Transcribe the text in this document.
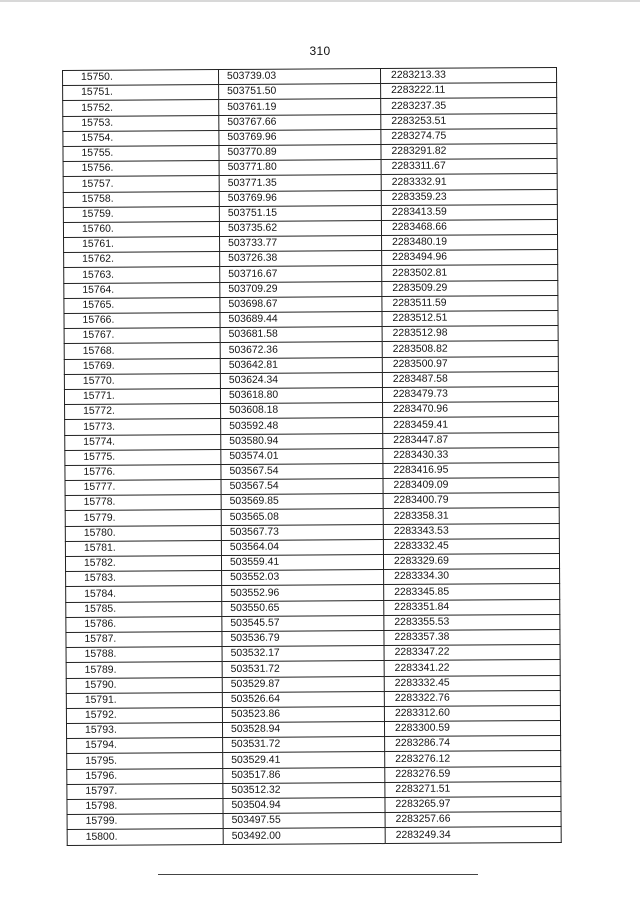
310
15750.	503739.03	2283213.33
15751.	503751.50	2283222.11
15752.	503761.19	2283237.35
15753.	503767.66	2283253.51
15754.	503769.96	2283274.75
15755.	503770.89	2283291.82
15756.	503771.80	2283311.67
15757.	503771.35	2283332.91
15758.	503769.96	2283359.23
15759.	503751.15	2283413.59
15760.	503735.62	2283468.66
15761.	503733.77	2283480.19
15762.	503726.38	2283494.96
15763.	503716.67	2283502.81
15764.	503709.29	2283509.29
15765.	503698.67	2283511.59
15766.	503689.44	2283512.51
15767.	503681.58	2283512.98
15768.	503672.36	2283508.82
15769.	503642.81	2283500.97
15770.	503624.34	2283487.58
15771.	503618.80	2283479.73
15772.	503608.18	2283470.96
15773.	503592.48	2283459.41
15774.	503580.94	2283447.87
15775.	503574.01	2283430.33
15776.	503567.54	2283416.95
15777.	503567.54	2283409.09
15778.	503569.85	2283400.79
15779.	503565.08	2283358.31
15780.	503567.73	2283343.53
15781.	503564.04	2283332.45
15782.	503559.41	2283329.69
15783.	503552.03	2283334.30
15784.	503552.96	2283345.85
15785.	503550.65	2283351.84
15786.	503545.57	2283355.53
15787.	503536.79	2283357.38
15788.	503532.17	2283347.22
15789.	503531.72	2283341.22
15790.	503529.87	2283332.45
15791.	503526.64	2283322.76
15792.	503523.86	2283312.60
15793.	503528.94	2283300.59
15794.	503531.72	2283286.74
15795.	503529.41	2283276.12
15796.	503517.86	2283276.59
15797.	503512.32	2283271.51
15798.	503504.94	2283265.97
15799.	503497.55	2283257.66
15800.	503492.00	2283249.34
